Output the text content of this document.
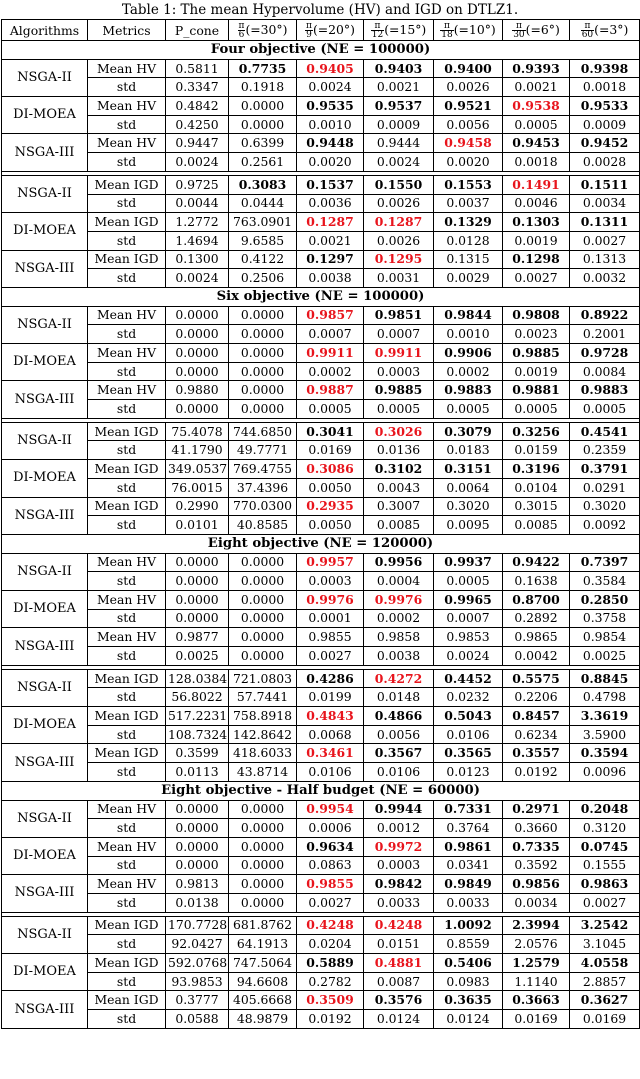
Table 1: The mean Hypervolume (HV) and IGD on DTLZ1.
Algorithms	Metrics	P_cone	$\frac{\pi}{6} (=30^\circ)$	$\frac{\pi}{9} (=20^\circ)$	$\frac{\pi}{12} (=15^\circ)$	$\frac{\pi}{18} (=10^\circ)$	$\frac{\pi}{30} (=6^\circ)$	$\frac{\pi}{60} (=3^\circ)$
Four objective (NE = 100000)								
NSGA-II	Mean HV	0.5811	0.7735	0.9405	0.9403	0.9400	0.9393	0.9398
	std	0.3347	0.1918	0.0024	0.0021	0.0026	0.0021	0.0018
DI-MOEA	Mean HV	0.4842	0.0000	0.9535	0.9537	0.9521	0.9538	0.9533
	std	0.4250	0.0000	0.0010	0.0009	0.0056	0.0005	0.0009
NSGA-III	Mean HV	0.9447	0.6399	0.9448	0.9444	0.9458	0.9453	0.9452
	std	0.0024	0.2561	0.0020	0.0024	0.0020	0.0018	0.0028

NSGA-II	Mean IGD	0.9725	0.3083	0.1537	0.1550	0.1553	0.1491	0.1511
	std	0.0044	0.0444	0.0036	0.0026	0.0037	0.0046	0.0034
DI-MOEA	Mean IGD	1.2772	763.0901	0.1287	0.1287	0.1329	0.1303	0.1311
	std	1.4694	9.6585	0.0021	0.0026	0.0128	0.0019	0.0027
NSGA-III	Mean IGD	0.1300	0.4122	0.1297	0.1295	0.1315	0.1298	0.1313
	std	0.0024	0.2506	0.0038	0.0031	0.0029	0.0027	0.0032
Six objective (NE = 100000)								
NSGA-II	Mean HV	0.0000	0.0000	0.9857	0.9851	0.9844	0.9808	0.8922
	std	0.0000	0.0000	0.0007	0.0007	0.0010	0.0023	0.2001
DI-MOEA	Mean HV	0.0000	0.0000	0.9911	0.9911	0.9906	0.9885	0.9728
	std	0.0000	0.0000	0.0002	0.0003	0.0002	0.0019	0.0084
NSGA-III	Mean HV	0.9880	0.0000	0.9887	0.9885	0.9883	0.9881	0.9883
	std	0.0000	0.0000	0.0005	0.0005	0.0005	0.0005	0.0005

NSGA-II	Mean IGD	75.4078	744.6850	0.3041	0.3026	0.3079	0.3256	0.4541
	std	41.1790	49.7771	0.0169	0.0136	0.0183	0.0159	0.2359
DI-MOEA	Mean IGD	349.0537	769.4755	0.3086	0.3102	0.3151	0.3196	0.3791
	std	76.0015	37.4396	0.0050	0.0043	0.0064	0.0104	0.0291
NSGA-III	Mean IGD	0.2990	770.0300	0.2935	0.3007	0.3020	0.3015	0.3020
	std	0.0101	40.8585	0.0050	0.0085	0.0095	0.0085	0.0092
Eight objective (NE = 120000)								
NSGA-II	Mean HV	0.0000	0.0000	0.9957	0.9956	0.9937	0.9422	0.7397
	std	0.0000	0.0000	0.0003	0.0004	0.0005	0.1638	0.3584
DI-MOEA	Mean HV	0.0000	0.0000	0.9976	0.9976	0.9965	0.8700	0.2850
	std	0.0000	0.0000	0.0001	0.0002	0.0007	0.2892	0.3758
NSGA-III	Mean HV	0.9877	0.0000	0.9855	0.9858	0.9853	0.9865	0.9854
	std	0.0025	0.0000	0.0027	0.0038	0.0024	0.0042	0.0025

NSGA-II	Mean IGD	128.0384	721.0803	0.4286	0.4272	0.4452	0.5575	0.8845
	std	56.8022	57.7441	0.0199	0.0148	0.0232	0.2206	0.4798
DI-MOEA	Mean IGD	517.2231	758.8918	0.4843	0.4866	0.5043	0.8457	3.3619
	std	108.7324	142.8642	0.0068	0.0056	0.0106	0.6234	3.5900
NSGA-III	Mean IGD	0.3599	418.6033	0.3461	0.3567	0.3565	0.3557	0.3594
	std	0.0113	43.8714	0.0106	0.0106	0.0123	0.0192	0.0096
Eight objective - Half budget (NE = 60000)								
NSGA-II	Mean HV	0.0000	0.0000	0.9954	0.9944	0.7331	0.2971	0.2048
	std	0.0000	0.0000	0.0006	0.0012	0.3764	0.3660	0.3120
DI-MOEA	Mean HV	0.0000	0.0000	0.9634	0.9972	0.9861	0.7335	0.0745
	std	0.0000	0.0000	0.0863	0.0003	0.0341	0.3592	0.1555
NSGA-III	Mean HV	0.9813	0.0000	0.9855	0.9842	0.9849	0.9856	0.9863
	std	0.0138	0.0000	0.0027	0.0033	0.0033	0.0034	0.0027

NSGA-II	Mean IGD	170.7728	681.8762	0.4248	0.4248	1.0092	2.3994	3.2542
	std	92.0427	64.1913	0.0204	0.0151	0.8559	2.0576	3.1045
DI-MOEA	Mean IGD	592.0768	747.5064	0.5889	0.4881	0.5406	1.2579	4.0558
	std	93.9853	94.6608	0.2782	0.0087	0.0983	1.1140	2.8857
NSGA-III	Mean IGD	0.3777	405.6668	0.3509	0.3576	0.3635	0.3663	0.3627
	std	0.0588	48.9879	0.0192	0.0124	0.0124	0.0169	0.0169
